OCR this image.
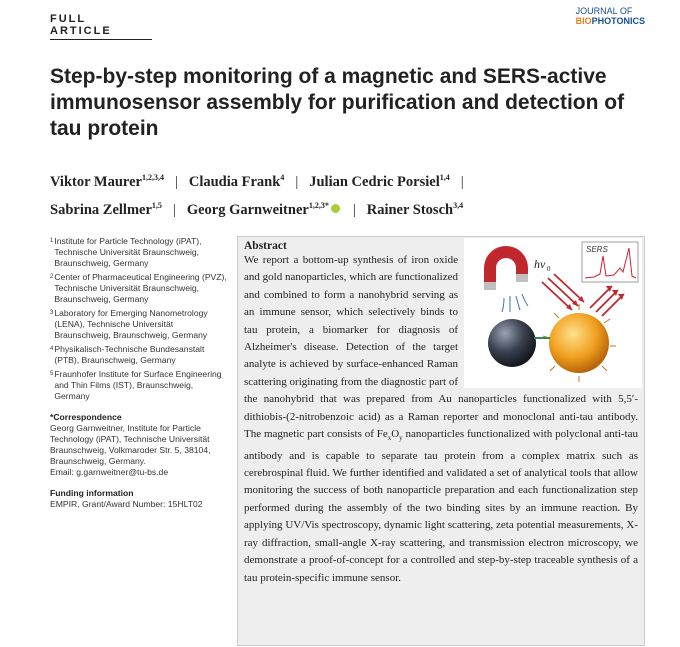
FULL ARTICLE
JOURNAL OF
BIOPHOTONICS
Step-by-step monitoring of a magnetic and SERS-active immunosensor assembly for purification and detection of tau protein
Viktor Maurer$^{1,2,3,4}$ | Claudia Frank$^4$ | Julian Cedric Porsiel$^{1,4}$ |
Sabrina Zellmer$^{1,5}$ | Georg Garnweitner$^{1,2,3*}$ | Rainer Stosch$^{3,4}$
1 Institute for Particle Technology (iPAT), Technische Universität Braunschweig, Braunschweig, Germany
2 Center of Pharmaceutical Engineering (PVZ), Technische Universität Braunschweig, Braunschweig, Germany
3 Laboratory for Emerging Nanometrology (LENA), Technische Universität Braunschweig, Braunschweig, Germany
4 Physikalisch-Technische Bundesanstalt (PTB), Braunschweig, Germany
5 Fraunhofer Institute for Surface Engineering and Thin Films (IST), Braunschweig, Germany
*Correspondence
Georg Garnweitner, Institute for Particle Technology (iPAT), Technische Universität Braunschweig, Volkmaroder Str. 5, 38104, Braunschweig, Germany.
Email: g.garnweitner@tu-bs.de
Funding information
EMPIR, Grant/Award Number: 15HLT02
Abstract	SERS
hν 0

We report a bottom-up synthesis of iron oxide and gold nanoparticles, which are functionalized and combined to form a nanohybrid serving as an immune sensor, which selectively binds to tau protein, a biomarker for diagnosis of Alzheimer's disease. Detection of the target analyte is achieved by surface-enhanced Raman scattering originating from the diagnostic part of the nanohybrid that was prepared from Au nanoparticles functionalized with 5,5′-dithiobis-(2-nitrobenzoic acid) as a Raman reporter and monoclonal anti-tau antibody. The magnetic part consists of $Fe_xO_y$ nanoparticles functionalized with polyclonal anti-tau antibody and is capable to separate tau protein from a complex matrix such as cerebrospinal fluid. We further identified and validated a set of analytical tools that allow monitoring the success of both nanoparticle preparation and each functionalization step performed during the assembly of the two binding sites by an immune reaction. By applying UV/Vis spectroscopy, dynamic light scattering, zeta potential measurements, X-ray diffraction, small-angle X-ray scattering, and transmission electron microscopy, we demonstrate a proof-of-concept for a controlled and step-by-step traceable synthesis of a tau protein-specific immune sensor.
